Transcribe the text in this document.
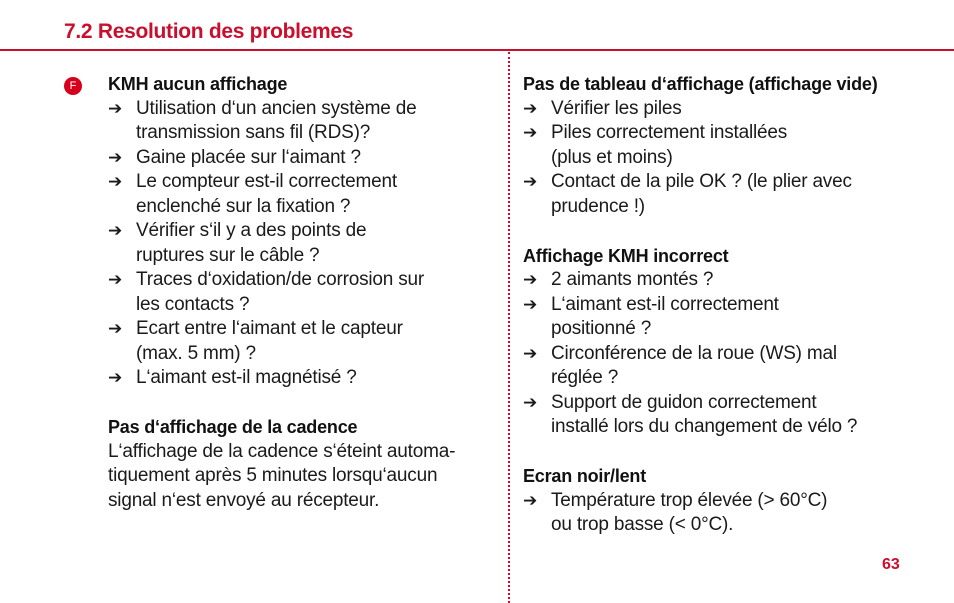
7.2 Resolution des problemes
F	KMH aucun affichage
➔ Utilisation d‘un ancien système de
transmission sans fil (RDS)?
➔ Gaine placée sur l‘aimant ?
➔ Le compteur est-il correctement
enclenché sur la fixation ?
➔ Vérifier s‘il y a des points de
ruptures sur le câble ?
➔ Traces d‘oxidation/de corrosion sur
les contacts ?
➔ Ecart entre l‘aimant et le capteur
(max. 5 mm) ?
➔ L‘aimant est-il magnétisé ?
Pas d‘affichage de la cadence

L‘affichage de la cadence s‘éteint automa-
tiquement après 5 minutes lorsqu‘aucun
signal n‘est envoyé au récepteur.

Pas de tableau d‘affichage (affichage vide)
➔ Vérifier les piles
➔ Piles correctement installées
(plus et moins)
➔ Contact de la pile OK ? (le plier avec
prudence !)
Affichage KMH incorrect
➔ 2 aimants montés ?
➔ L‘aimant est-il correctement
positionné ?
➔ Circonférence de la roue (WS) mal
réglée ?
➔ Support de guidon correctement
installé lors du changement de vélo ?
Ecran noir/lent
➔ Température trop élevée (> 60°C)
ou trop basse (< 0°C).
63
